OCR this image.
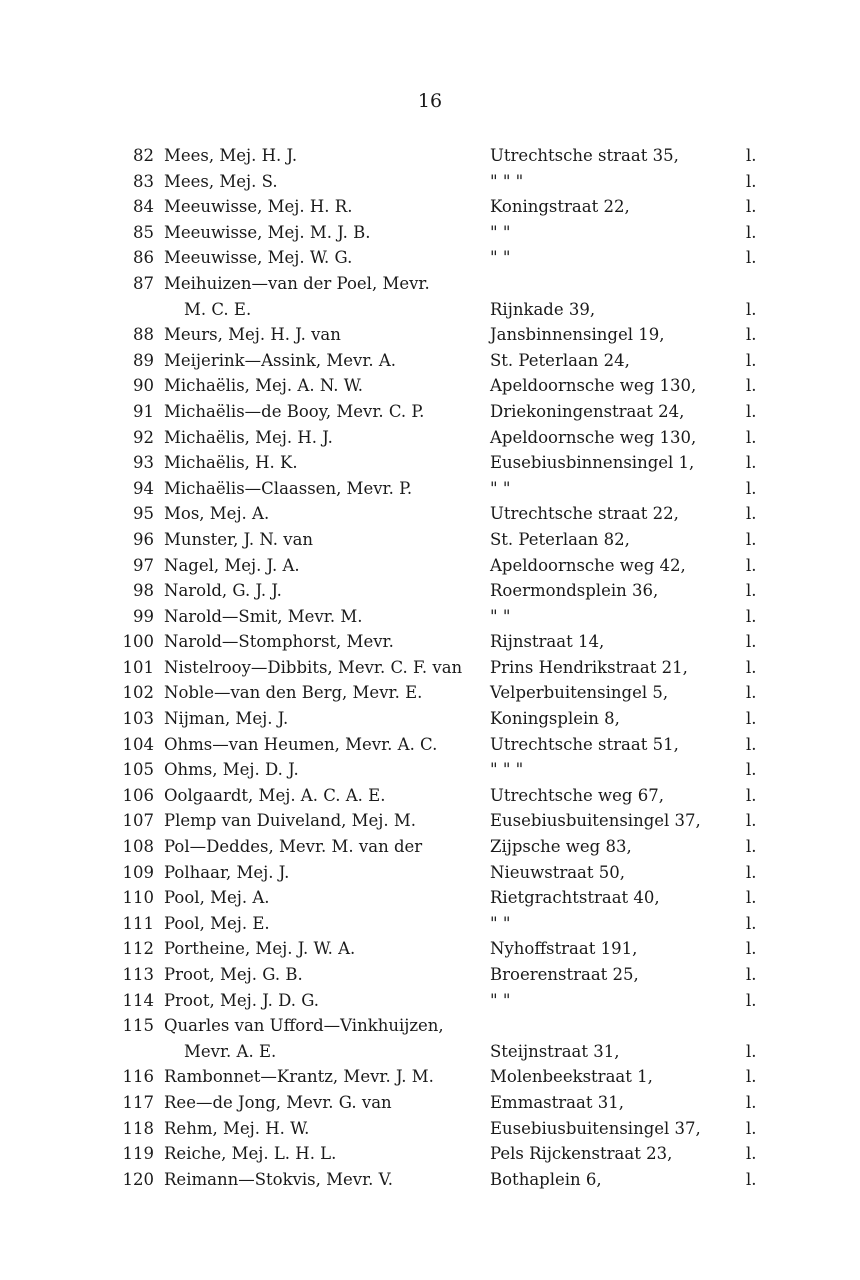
16
82 Mees, Mej. H. J.	Utrechtsche straat 35,	l.
83 Mees, Mej. S.	" " "	l.
84 Meeuwisse, Mej. H. R.	Koningstraat 22,	l.
85 Meeuwisse, Mej. M. J. B.	" "	l.
86 Meeuwisse, Mej. W. G.	" "	l.
87 Meihuizen—van der Poel, Mevr.
M. C. E.	Rijnkade 39,	l.
88 Meurs, Mej. H. J. van	Jansbinnensingel 19,	l.
89 Meijerink—Assink, Mevr. A.	St. Peterlaan 24,	l.
90 Michaëlis, Mej. A. N. W.	Apeldoornsche weg 130,	l.
91 Michaëlis—de Booy, Mevr. C. P.	Driekoningenstraat 24,	l.
92 Michaëlis, Mej. H. J.	Apeldoornsche weg 130,	l.
93 Michaëlis, H. K.	Eusebiusbinnensingel 1,	l.
94 Michaëlis—Claassen, Mevr. P.	" "	l.
95 Mos, Mej. A.	Utrechtsche straat 22,	l.
96 Munster, J. N. van	St. Peterlaan 82,	l.
97 Nagel, Mej. J. A.	Apeldoornsche weg 42,	l.
98 Narold, G. J. J.	Roermondsplein 36,	l.
99 Narold—Smit, Mevr. M.	" "	l.
100 Narold—Stomphorst, Mevr.	Rijnstraat 14,	l.
101 Nistelrooy—Dibbits, Mevr. C. F. van	Prins Hendrikstraat 21,	l.
102 Noble—van den Berg, Mevr. E.	Velperbuitensingel 5,	l.
103 Nijman, Mej. J.	Koningsplein 8,	l.
104 Ohms—van Heumen, Mevr. A. C.	Utrechtsche straat 51,	l.
105 Ohms, Mej. D. J.	" " "	l.
106 Oolgaardt, Mej. A. C. A. E.	Utrechtsche weg 67,	l.
107 Plemp van Duiveland, Mej. M.	Eusebiusbuitensingel 37,	l.
108 Pol—Deddes, Mevr. M. van der	Zijpsche weg 83,	l.
109 Polhaar, Mej. J.	Nieuwstraat 50,	l.
110 Pool, Mej. A.	Rietgrachtstraat 40,	l.
111 Pool, Mej. E.	" "	l.
112 Portheine, Mej. J. W. A.	Nyhoffstraat 191,	l.
113 Proot, Mej. G. B.	Broerenstraat 25,	l.
114 Proot, Mej. J. D. G.	" "	l.
115 Quarles van Ufford—Vinkhuijzen,
Mevr. A. E.	Steijnstraat 31,	l.
116 Rambonnet—Krantz, Mevr. J. M.	Molenbeekstraat 1,	l.
117 Ree—de Jong, Mevr. G. van	Emmastraat 31,	l.
118 Rehm, Mej. H. W.	Eusebiusbuitensingel 37,	l.
119 Reiche, Mej. L. H. L.	Pels Rijckenstraat 23,	l.
120 Reimann—Stokvis, Mevr. V.	Bothaplein 6,	l.
